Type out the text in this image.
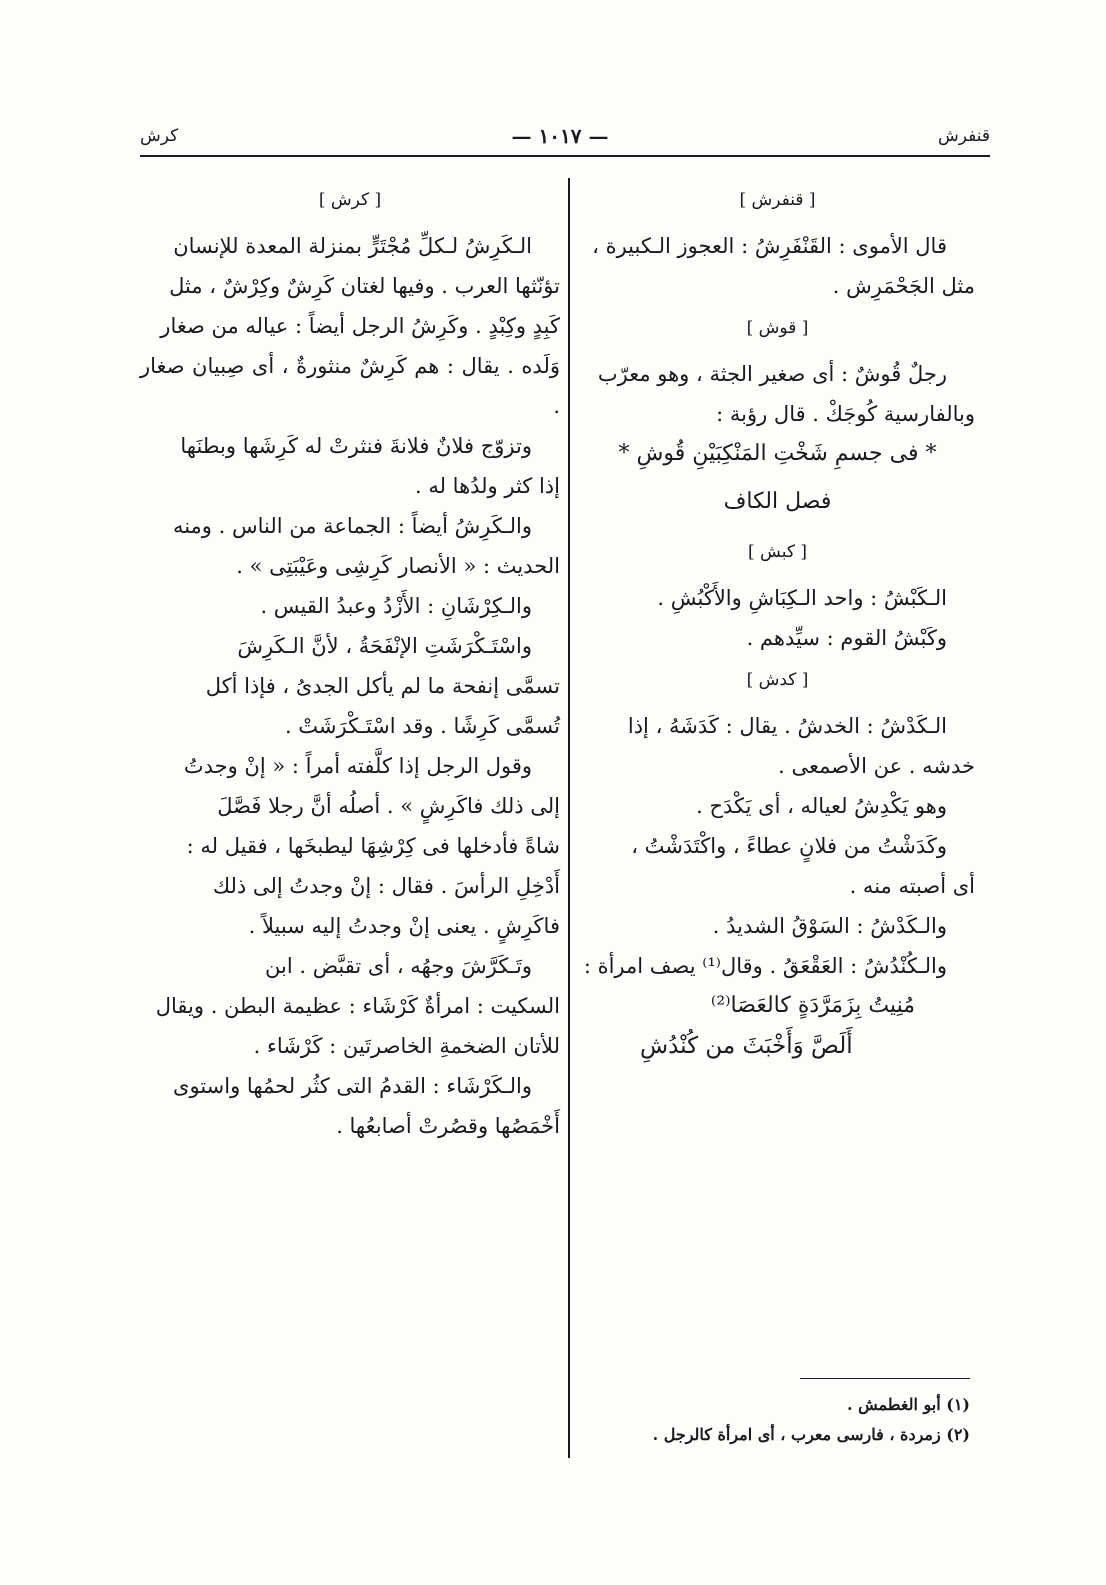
قنفرش
— ١٠١٧ —
كرش

[ قنفرش ]

قال الأموى : القَنْفَرِشُ : العجوز الـكبيرة ،

مثل الجَحْمَرِش .

[ قوش ]

رجلٌ قُوشٌ : أى صغير الجثة ، وهو معرّب

وبالفارسية كُوجَكْ . قال رؤبة :

* فى جسمِ شَخْتِ المَنْكِبَيْنِ قُوشِ *

فصل الكاف

[ كبش ]

الـكَبْشُ : واحد الـكِبَاشِ والأَكْبُشِ .

وكَبْشُ القوم : سيِّدهم .

[ كدش ]

الـكَدْشُ : الخدشُ . يقال : كَدَشَهُ ، إذا

خدشه . عن الأصمعى .

وهو يَكْدِشُ لعياله ، أى يَكْدَح .

وكَدَشْتُ من فلانٍ عطاءً ، واكْتَدَشْتُ ،

أى أصبته منه .

والـكَدْشُ : السَوْقُ الشديدُ .

والـكُنْدُشُ : العَقْعَقُ . وقال⁽¹⁾ يصف امرأة :

مُنِيتُ بِزَمَرَّدَةٍ كالعَصَا⁽²⁾

أَلَصَّ وَأَخْبَثَ من كُنْدُشِ

[ كرش ]

الـكَرِشُ لـكلِّ مُجْتَرٍّ بمنزلة المعدة للإنسان

تؤنّثها العرب . وفيها لغتان كَرِشٌ وكِرْشٌ ، مثل

كَبِدٍ وكِبْدٍ . وكَرِشُ الرجل أيضاً : عياله من صغار

وَلَده . يقال : هم كَرِشٌ منثورةٌ ، أى صِبيان صغار .

وتزوّج فلانٌ فلانةَ فنثرتْ له كَرِشَها وبطنَها

إذا كثر ولدُها له .

والـكَرِشُ أيضاً : الجماعة من الناس . ومنه

الحديث : « الأنصار كَرِشِى وعَيْبَتِى » .

والـكِرْشَانِ : الأَزْدُ وعبدُ القيس .

واسْتَـكْرَشَتِ الإنْفَحَةُ ، لأنَّ الـكَرِشَ

تسمَّى إنفحة ما لم يأكل الجدىُ ، فإذا أكل

تُسمَّى كَرِشًا . وقد اسْتَـكْرَشَتْ .

وقول الرجل إذا كلَّفته أمراً : « إنْ وجدتُ

إلى ذلك فاكَرِشٍ » . أصلُه أنَّ رجلا فَصَّلَ

شاةً فأدخلها فى كِرْشِهَا ليطبخَها ، فقيل له :

أَدْخِلِ الرأسَ . فقال : إنْ وجدتُ إلى ذلك

فاكَرِشٍ . يعنى إنْ وجدتُ إليه سبيلاً .

وتَـكَرَّشَ وجهُه ، أى تقبَّض . ابن

السكيت : امرأةٌ كَرْشَاء : عظيمة البطن . ويقال

للأتان الضخمةِ الخاصرتَين : كَرْشَاء .

والـكَرْشَاء : القدمُ التى كثُر لحمُها واستوى

أَخْمَصُها وقصُرتْ أصابعُها .

(١) أبو الغطمش .

(٢) زمردة ، فارسى معرب ، أى امرأة كالرجل .
